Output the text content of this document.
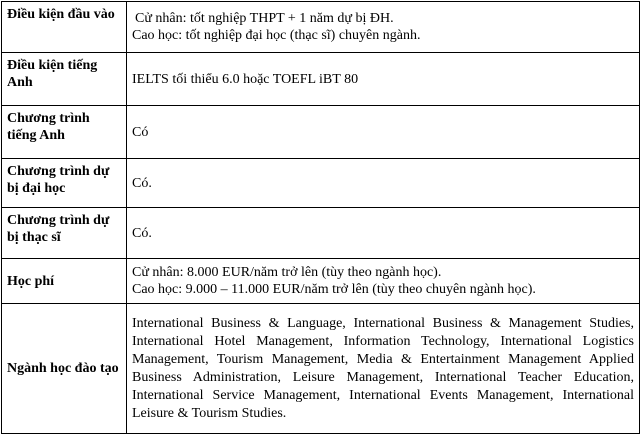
Điều kiện đầu vào	Cử nhân: tốt nghiệp THPT + 1 năm dự bị ĐH.
Cao học: tốt nghiệp đại học (thạc sĩ) chuyên ngành.

Điều kiện tiếng Anh	IELTS tối thiểu 6.0 hoặc TOEFL iBT 80

Chương trình tiếng Anh	Có

Chương trình dự bị đại học	Có.

Chương trình dự bị thạc sĩ	Có.

Học phí	Cử nhân: 8.000 EUR/năm trở lên (tùy theo ngành học).
Cao học: 9.000 – 11.000 EUR/năm trở lên (tùy theo chuyên ngành học).

Ngành học đào tạo	International Business & Language, International Business & Management Studies, International Hotel Management, Information Technology, International Logistics Management, Tourism Management, Media & Entertainment Management Applied Business Administration, Leisure Management, International Teacher Education, International Service Management, International Events Management, International Leisure & Tourism Studies.
